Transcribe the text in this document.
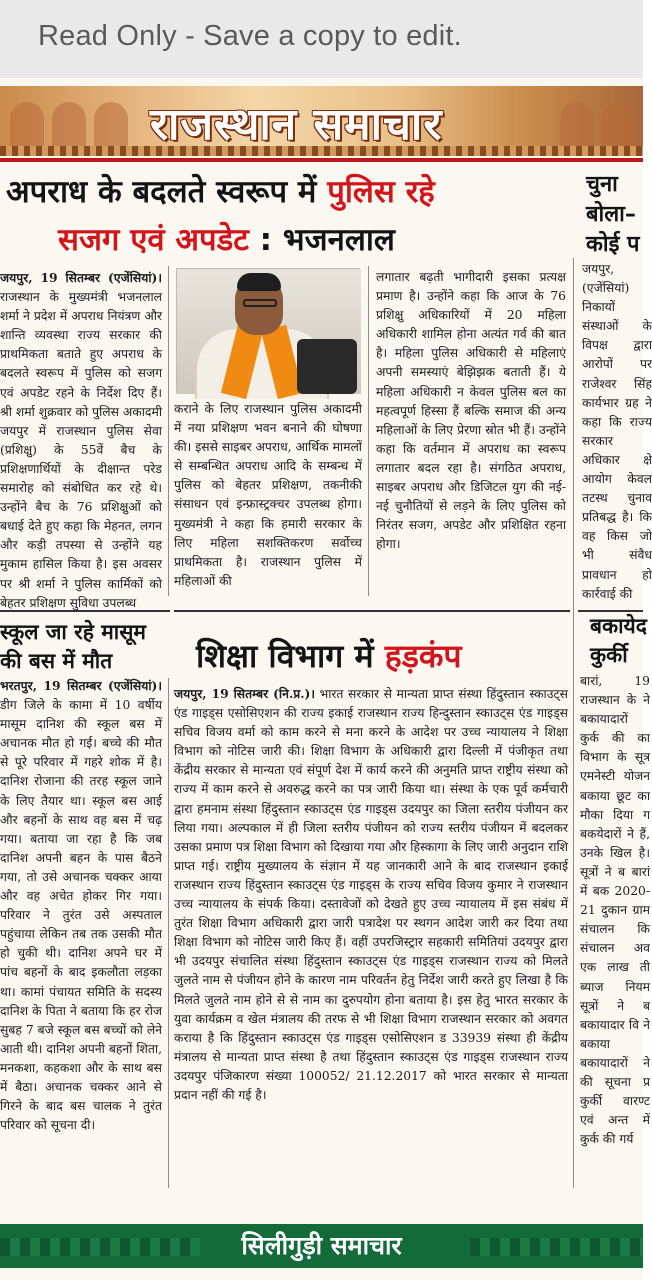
Read Only - Save a copy to edit.
राजस्थान समाचार
अपराध के बदलते स्वरूप में पुलिस रहे
सजग एवं अपडेट : भजनलाल
चुना
बोला–
कोई प
जयपुर, 19 सितम्बर (एजेंसियां)। राजस्थान के मुख्यमंत्री भजनलाल शर्मा ने प्रदेश में अपराध नियंत्रण और शान्ति व्यवस्था राज्य सरकार की प्राथमिकता बताते हुए अपराध के बदलते स्वरूप में पुलिस को सजग एवं अपडेट रहने के निर्देश दिए हैं। श्री शर्मा शुक्रवार को पुलिस अकादमी जयपुर में राजस्थान पुलिस सेवा (प्रशिक्षु) के 55वें बैच के प्रशिक्षणार्थियों के दीक्षान्त परेड समारोह को संबोधित कर रहे थे। उन्होंने बैच के 76 प्रशिक्षुओं को बधाई देते हुए कहा कि मेहनत, लगन और कड़ी तपस्या से उन्होंने यह मुकाम हासिल किया है। इस अवसर पर श्री शर्मा ने पुलिस कार्मिकों को बेहतर प्रशिक्षण सुविधा उपलब्ध
कराने के लिए राजस्थान पुलिस अकादमी में नया प्रशिक्षण भवन बनाने की घोषणा की। इससे साइबर अपराध, आर्थिक मामलों से सम्बन्धित अपराध आदि के सम्बन्ध में पुलिस को बेहतर प्रशिक्षण, तकनीकी संसाधन एवं इन्फ्रास्ट्रक्चर उपलब्ध होगा। मुख्यमंत्री ने कहा कि हमारी सरकार के लिए महिला सशक्तिकरण सर्वोच्च प्राथमिकता है। राजस्थान पुलिस में महिलाओं की
लगातार बढ़ती भागीदारी इसका प्रत्यक्ष प्रमाण है। उन्होंने कहा कि आज के 76 प्रशिक्षु अधिकारियों में 20 महिला अधिकारी शामिल होना अत्यंत गर्व की बात है। महिला पुलिस अधिकारी से महिलाएं अपनी समस्याएं बेझिझक बताती हैं। ये महिला अधिकारी न केवल पुलिस बल का महत्वपूर्ण हिस्सा हैं बल्कि समाज की अन्य महिलाओं के लिए प्रेरणा स्रोत भी हैं। उन्होंने कहा कि वर्तमान में अपराध का स्वरूप लगातार बदल रहा है। संगठित अपराध, साइबर अपराध और डिजिटल युग की नई-नई चुनौतियों से लड़ने के लिए पुलिस को निरंतर सजग, अपडेट और प्रशिक्षित रहना होगा।
जयपुर, (एजेंसियां) निकायों संस्थाओं के विपक्ष द्वारा आरोपों पर राजेश्वर सिंह कार्यभार ग्रह ने कहा कि राज्य सरकार अधिकार क्षे आयोग केवल तटस्थ चुनाव प्रतिबद्ध है। कि वह किस जो भी संवैध प्रावधान हो कार्रवाई की
स्कूल जा रहे मासूम
की बस में मौत	शिक्षा विभाग में हड़कंप
बकायेद
कुर्की
भरतपुर, 19 सितम्बर (एजेंसियां)। डीग जिले के कामा में 10 वर्षीय मासूम दानिश की स्कूल बस में अचानक मौत हो गई। बच्चे की मौत से पूरे परिवार में गहरे शोक में है। दानिश रोजाना की तरह स्कूल जाने के लिए तैयार था। स्कूल बस आई और बहनों के साथ वह बस में चढ़ गया। बताया जा रहा है कि जब दानिश अपनी बहन के पास बैठने गया, तो उसे अचानक चक्कर आया और वह अचेत होकर गिर गया। परिवार ने तुरंत उसे अस्पताल पहुंचाया लेकिन तब तक उसकी मौत हो चुकी थी। दानिश अपने घर में पांच बहनों के बाद इकलौता लड़का था। कामां पंचायत समिति के सदस्य दानिश के पिता ने बताया कि हर रोज सुबह 7 बजे स्कूल बस बच्चों को लेने आती थी। दानिश अपनी बहनों शिता, मनकशा, कहकशा और के साथ बस में बैठा। अचानक चक्कर आने से गिरने के बाद बस चालक ने तुरंत परिवार को सूचना दी।
जयपुर, 19 सितम्बर (नि.प्र.)। भारत सरकार से मान्यता प्राप्त संस्था हिंदुस्तान स्काउट्स एंड गाइड्स एसोसिएशन की राज्य इकाई राजस्थान राज्य हिन्दुस्तान स्काउट्स एंड गाइड्स सचिव विजय वर्मा को काम करने से मना करने के आदेश पर उच्च न्यायालय ने शिक्षा विभाग को नोटिस जारी की। शिक्षा विभाग के अधिकारी द्वारा दिल्ली में पंजीकृत तथा केंद्रीय सरकार से मान्यता एवं संपूर्ण देश में कार्य करने की अनुमति प्राप्त राष्ट्रीय संस्था को राज्य में काम करने से अवरुद्ध करने का पत्र जारी किया था। संस्था के एक पूर्व कर्मचारी द्वारा हमनाम संस्था हिंदुस्तान स्काउट्स एंड गाइड्स उदयपुर का जिला स्तरीय पंजीयन कर लिया गया। अल्पकाल में ही जिला स्तरीय पंजीयन को राज्य स्तरीय पंजीयन में बदलकर उसका प्रमाण पत्र शिक्षा विभाग को दिखाया गया और हिस्कागा के लिए जारी अनुदान राशि प्राप्त गई। राष्ट्रीय मुख्यालय के संज्ञान में यह जानकारी आने के बाद राजस्थान इकाई राजस्थान राज्य हिंदुस्तान स्काउट्स एंड गाइड्स के राज्य सचिव विजय कुमार ने राजस्थान उच्च न्यायालय के संपर्क किया। दस्तावेजों को देखते हुए उच्च न्यायालय में इस संबंध में तुरंत शिक्षा विभाग अधिकारी द्वारा जारी पत्रादेश पर स्थगन आदेश जारी कर दिया तथा शिक्षा विभाग को नोटिस जारी किए हैं। वहीं उपरजिस्ट्रार सहकारी समितियां उदयपुर द्वारा भी उदयपुर संचालित संस्था हिंदुस्तान स्काउट्स एंड गाइड्स राजस्थान राज्य को मिलते जुलते नाम से पंजीयन होने के कारण नाम परिवर्तन हेतु निर्देश जारी करते हुए लिखा है कि मिलते जुलते नाम होने से से नाम का दुरुपयोग होना बताया है। इस हेतु भारत सरकार के युवा कार्यक्रम व खेल मंत्रालय की तरफ से भी शिक्षा विभाग राजस्थान सरकार को अवगत कराया है कि हिंदुस्तान स्काउट्स एंड गाइड्स एसोसिएशन ड 33939 संस्था ही केंद्रीय मंत्रालय से मान्यता प्राप्त संस्था है तथा हिंदुस्तान स्काउट्स एंड गाइड्स राजस्थान राज्य उदयपुर पंजिकारण संख्या 100052/ 21.12.2017 को भारत सरकार से मान्यता प्रदान नहीं की गई है।
बारां, 19 राजस्थान के ने बकायादारों कुर्क की का विभाग के सूत्र एमनेस्टी योजन बकाया छूट का मौका दिया ग बकयेदारों ने हैं, उनके खिल है। सूत्रों ने ब बारां में बक 2020-21 दुकान ग्राम संचालन कि संचालन अव एक लाख ती ब्याज नियम सूत्रों ने ब बकायादार वि ने बकाया बकायादारों ने की सूचना प्र कुर्की वारण्ट एवं अन्त में कुर्क की गर्य
सिलीगुड़ी समाचार
